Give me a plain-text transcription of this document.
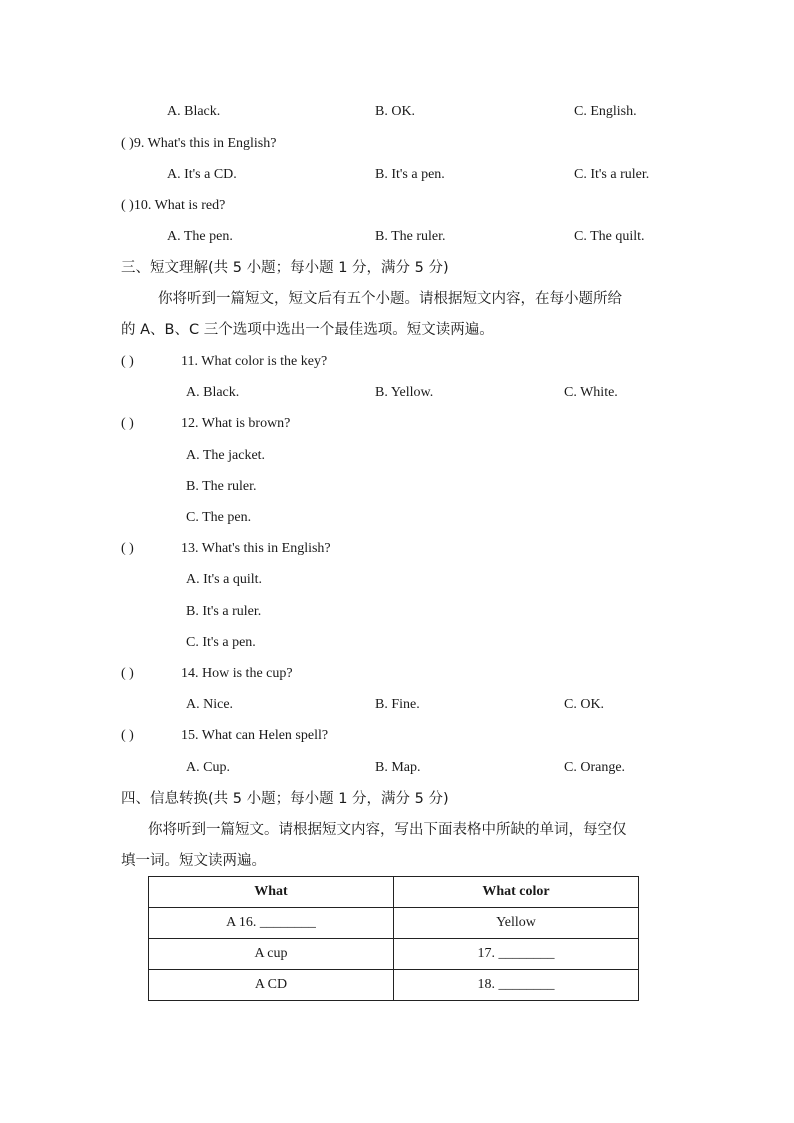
A. Black.	B. OK.	C. English.
( )9. What's this in English?
A. It's a CD.	B. It's a pen.	C. It's a ruler.
( )10. What is red?
A. The pen.	B. The ruler.	C. The quilt.
三、短文理解(共 5 小题；每小题 1 分，满分 5 分)
你将听到一篇短文，短文后有五个小题。请根据短文内容，在每小题所给
的 A、B、C 三个选项中选出一个最佳选项。短文读两遍。
( )	11. What color is the key?
A. Black.	B. Yellow.	C. White.
( )	12. What is brown?
A. The jacket.
B. The ruler.
C. The pen.
( )	13. What's this in English?
A. It's a quilt.
B. It's a ruler.
C. It's a pen.
( )	14. How is the cup?
A. Nice.	B. Fine.	C. OK.
( )	15. What can Helen spell?
A. Cup.	B. Map.	C. Orange.
四、信息转换(共 5 小题；每小题 1 分，满分 5 分)
你将听到一篇短文。请根据短文内容，写出下面表格中所缺的单词，每空仅
填一词。短文读两遍。
What	What color
A 16. ________	Yellow
A cup	17. ________
A CD	18. ________
